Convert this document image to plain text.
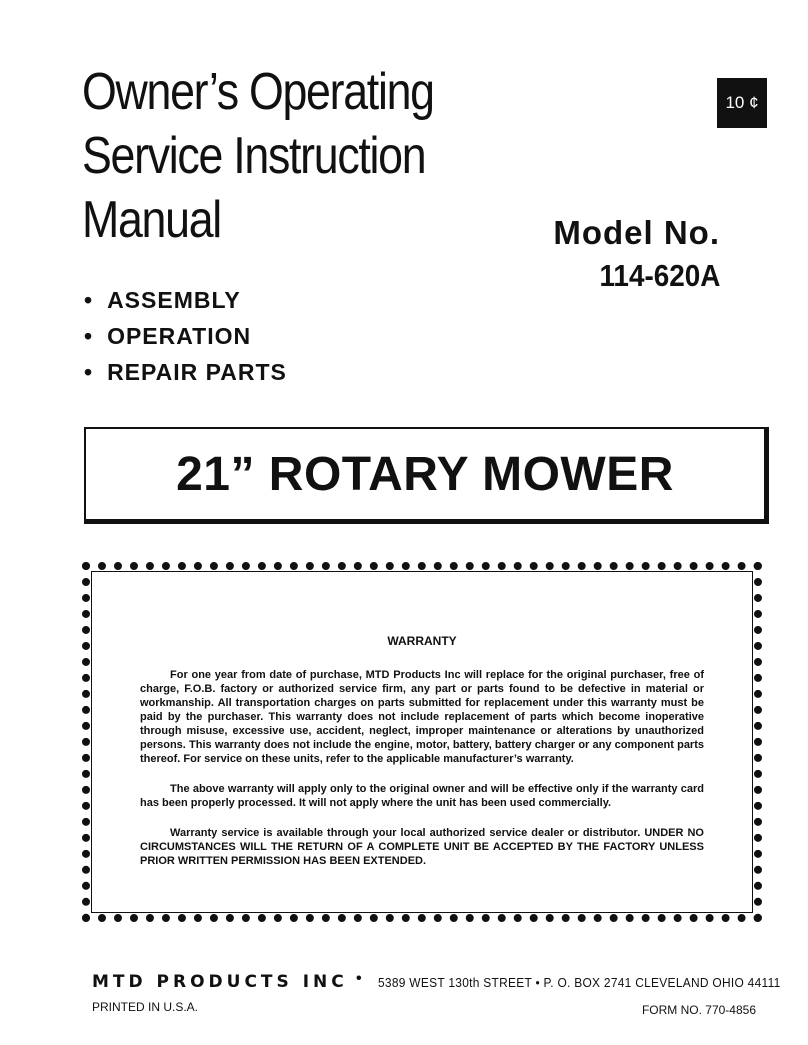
Owner’s Operating
Service Instruction
Manual
10 ¢
Model No.
114-620A
• ASSEMBLY
• OPERATION
• REPAIR PARTS
21” ROTARY MOWER

WARRANTY

For one year from date of purchase, MTD Products Inc will replace for the original purchaser, free of charge, F.O.B. factory or authorized service firm, any part or parts found to be defective in material or workmanship. All transportation charges on parts submitted for replacement under this warranty must be paid by the purchaser. This warranty does not include replacement of parts which become inoperative through misuse, excessive use, accident, neglect, improper maintenance or alterations by unauthorized persons. This warranty does not include the engine, motor, battery, battery charger or any component parts thereof. For service on these units, refer to the applicable manufacturer’s warranty.

The above warranty will apply only to the original owner and will be effective only if the warranty card has been properly processed. It will not apply where the unit has been used commercially.

Warranty service is available through your local authorized service dealer or distributor. UNDER NO CIRCUMSTANCES WILL THE RETURN OF A COMPLETE UNIT BE ACCEPTED BY THE FACTORY UNLESS PRIOR WRITTEN PERMISSION HAS BEEN EXTENDED.

MTD PRODUCTS INC • 5389 WEST 130th STREET • P. O. BOX 2741 CLEVELAND OHIO 44111
PRINTED IN U.S.A.	FORM NO. 770-4856
